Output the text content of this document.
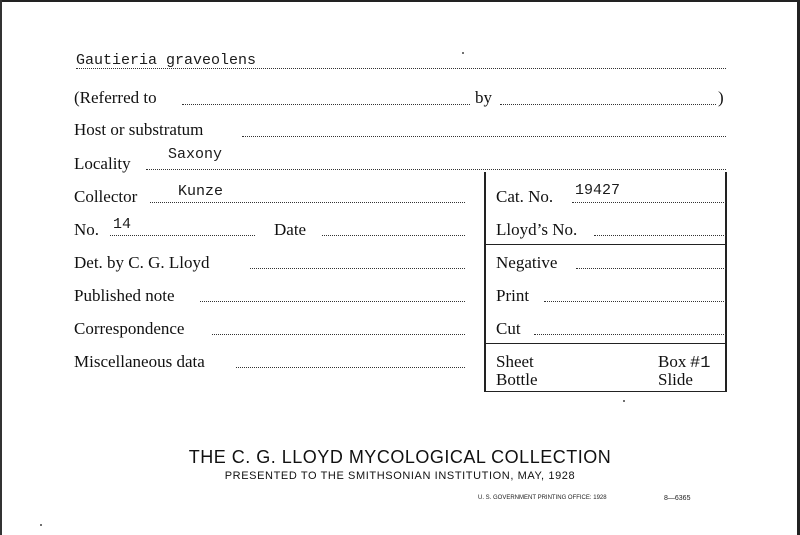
Gautieria graveolens
(Referred to	by	)
Host or substratum
Locality Saxony
Collector	Kunze
No. 14	Date
Det. by C. G. Lloyd
Published note
Correspondence
Miscellaneous data
Cat. No. 19427
Lloyd’s No.
Negative
Print
Cut
Sheet
Bottle
Box #1
Slide
THE C. G. LLOYD MYCOLOGICAL COLLECTION
PRESENTED TO THE SMITHSONIAN INSTITUTION, MAY, 1928
U. S. GOVERNMENT PRINTING OFFICE: 1928	8—6365
